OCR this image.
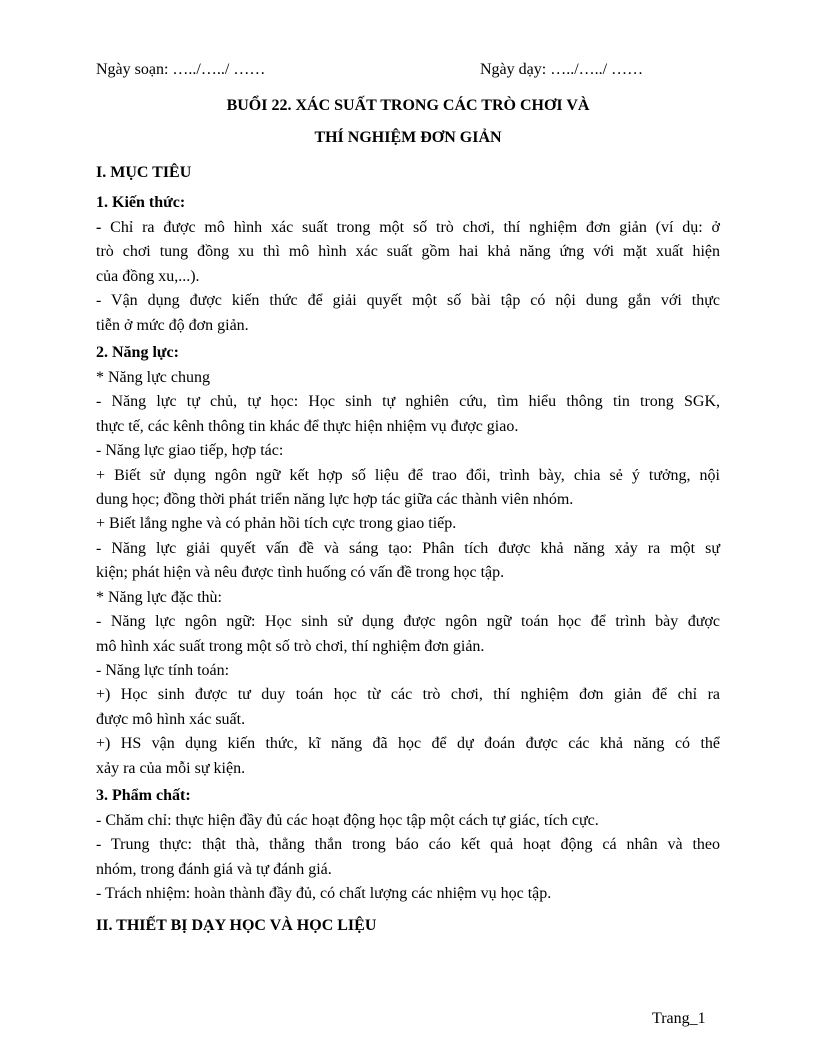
Ngày soạn: …../…../ ……	Ngày dạy: …../…../ ……
BUỔI 22. XÁC SUẤT TRONG CÁC TRÒ CHƠI VÀ
THÍ NGHIỆM ĐƠN GIẢN
I. MỤC TIÊU
1. Kiến thức:
- Chỉ ra được mô hình xác suất trong một số trò chơi, thí nghiệm đơn giản (ví dụ: ở
trò chơi tung đồng xu thì mô hình xác suất gồm hai khả năng ứng với mặt xuất hiện
của đồng xu,...).
- Vận dụng được kiến thức để giải quyết một số bài tập có nội dung gắn với thực
tiễn ở mức độ đơn giản.
2. Năng lực:
* Năng lực chung
- Năng lực tự chủ, tự học: Học sinh tự nghiên cứu, tìm hiểu thông tin trong SGK,
thực tế, các kênh thông tin khác để thực hiện nhiệm vụ được giao.
- Năng lực giao tiếp, hợp tác:
+ Biết sử dụng ngôn ngữ kết hợp số liệu để trao đổi, trình bày, chia sẻ ý tưởng, nội
dung học; đồng thời phát triển năng lực hợp tác giữa các thành viên nhóm.
+ Biết lắng nghe và có phản hồi tích cực trong giao tiếp.
- Năng lực giải quyết vấn đề và sáng tạo: Phân tích được khả năng xảy ra một sự
kiện; phát hiện và nêu được tình huống có vấn đề trong học tập.
* Năng lực đặc thù:
- Năng lực ngôn ngữ: Học sinh sử dụng được ngôn ngữ toán học để trình bày được
mô hình xác suất trong một số trò chơi, thí nghiệm đơn giản.
- Năng lực tính toán:
+) Học sinh được tư duy toán học từ các trò chơi, thí nghiệm đơn giản để chỉ ra
được mô hình xác suất.
+) HS vận dụng kiến thức, kĩ năng đã học để dự đoán được các khả năng có thể
xảy ra của mỗi sự kiện.
3. Phẩm chất:
- Chăm chỉ: thực hiện đầy đủ các hoạt động học tập một cách tự giác, tích cực.
- Trung thực: thật thà, thẳng thắn trong báo cáo kết quả hoạt động cá nhân và theo
nhóm, trong đánh giá và tự đánh giá.
- Trách nhiệm: hoàn thành đầy đủ, có chất lượng các nhiệm vụ học tập.
II. THIẾT BỊ DẠY HỌC VÀ HỌC LIỆU
Trang_1
